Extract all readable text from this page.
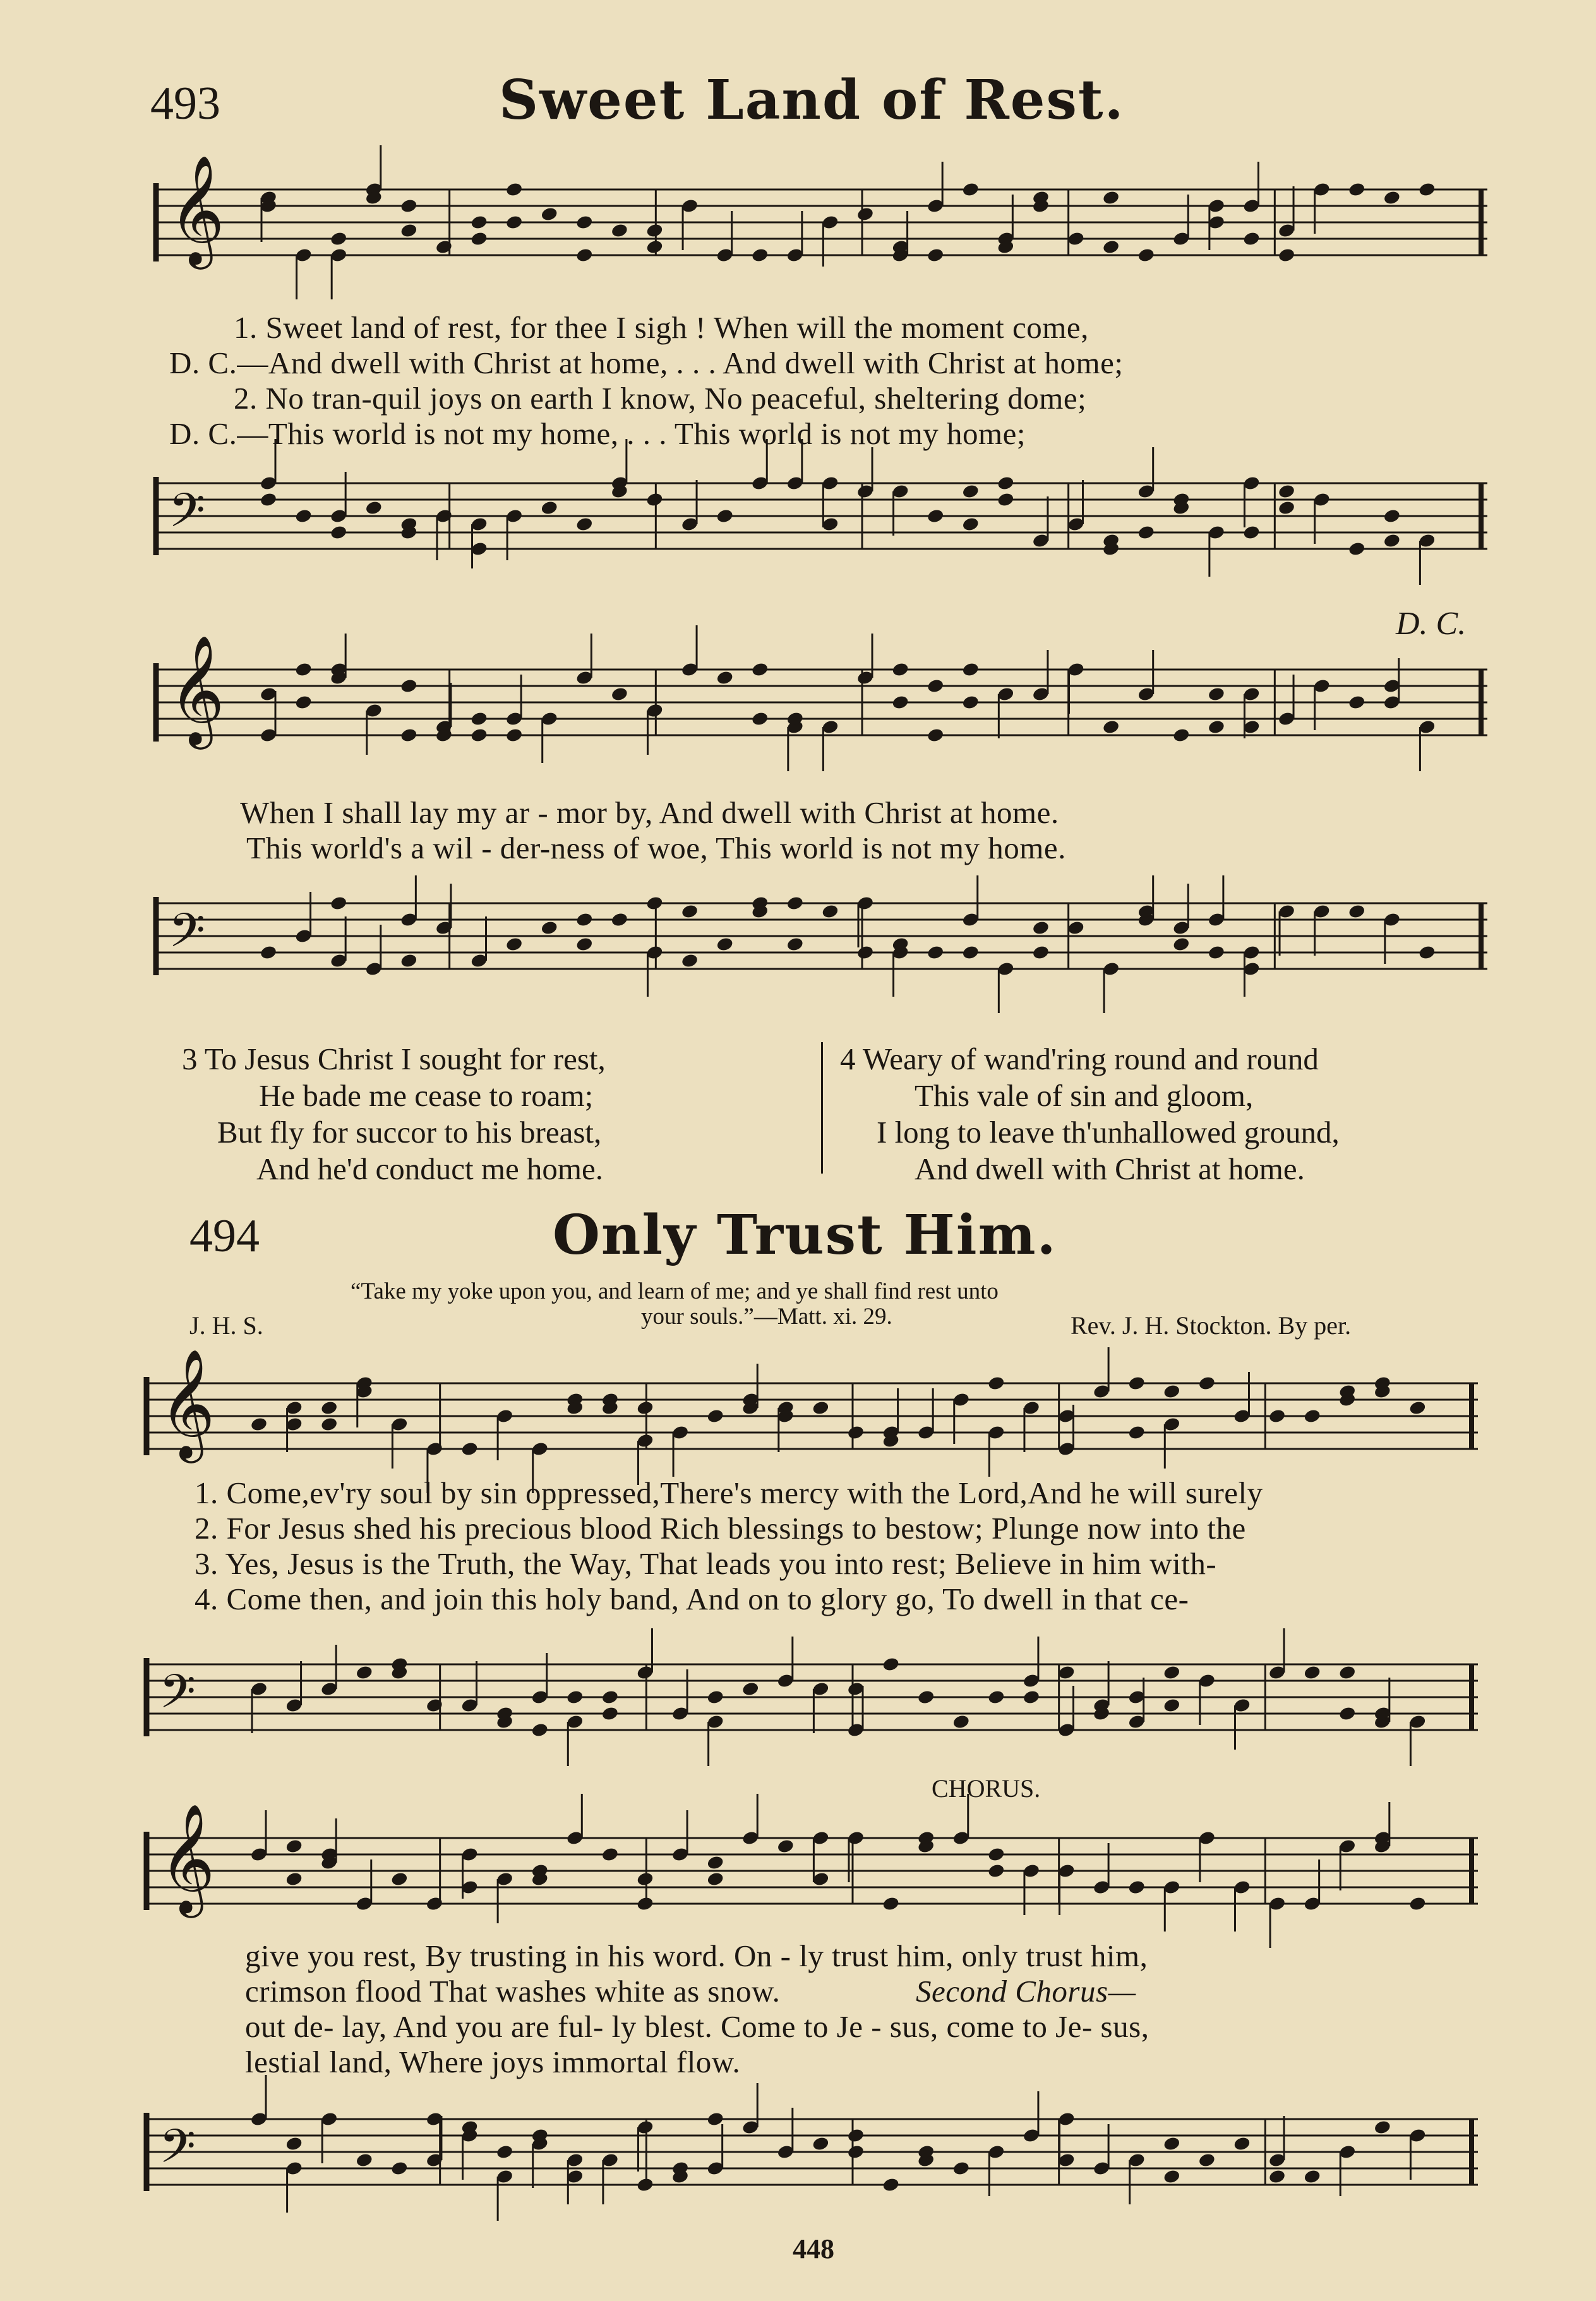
493	Sweet Land of Rest.
𝄞
1. Sweet land of rest, for thee I sigh ! When will the moment come,
D. C.—And dwell with Christ at home, . . . And dwell with Christ at home;
2. No tran-quil joys on earth I know, No peaceful, sheltering dome;
D. C.—This world is not my home, . . . This world is not my home;
𝄢
D. C.
𝄞
When I shall lay my ar - mor by, And dwell with Christ at home.
This world's a wil - der-ness of woe, This world is not my home.
𝄢
3 To Jesus Christ I sought for rest,
He bade me cease to roam;
But fly for succor to his breast,
And he'd conduct me home.
4 Weary of wand'ring round and round
This vale of sin and gloom,
I long to leave th'unhallowed ground,
And dwell with Christ at home.
494	Only Trust Him.
“Take my yoke upon you, and learn of me; and ye shall find rest unto
your souls.”—Matt. xi. 29.
J. H. S.	Rev. J. H. Stockton. By per.
𝄞
1. Come,ev'ry soul by sin oppressed,There's mercy with the Lord,And he will surely
2. For Jesus shed his precious blood Rich blessings to bestow; Plunge now into the
3. Yes, Jesus is the Truth, the Way, That leads you into rest; Believe in him with-
4. Come then, and join this holy band, And on to glory go, To dwell in that ce-
𝄢
CHORUS.
𝄞
give you rest, By trusting in his word. On - ly trust him, only trust him,
crimson flood That washes white as snow.	Second Chorus—
out de- lay, And you are ful- ly blest. Come to Je - sus, come to Je- sus,
lestial land, Where joys immortal flow.
𝄢
448
